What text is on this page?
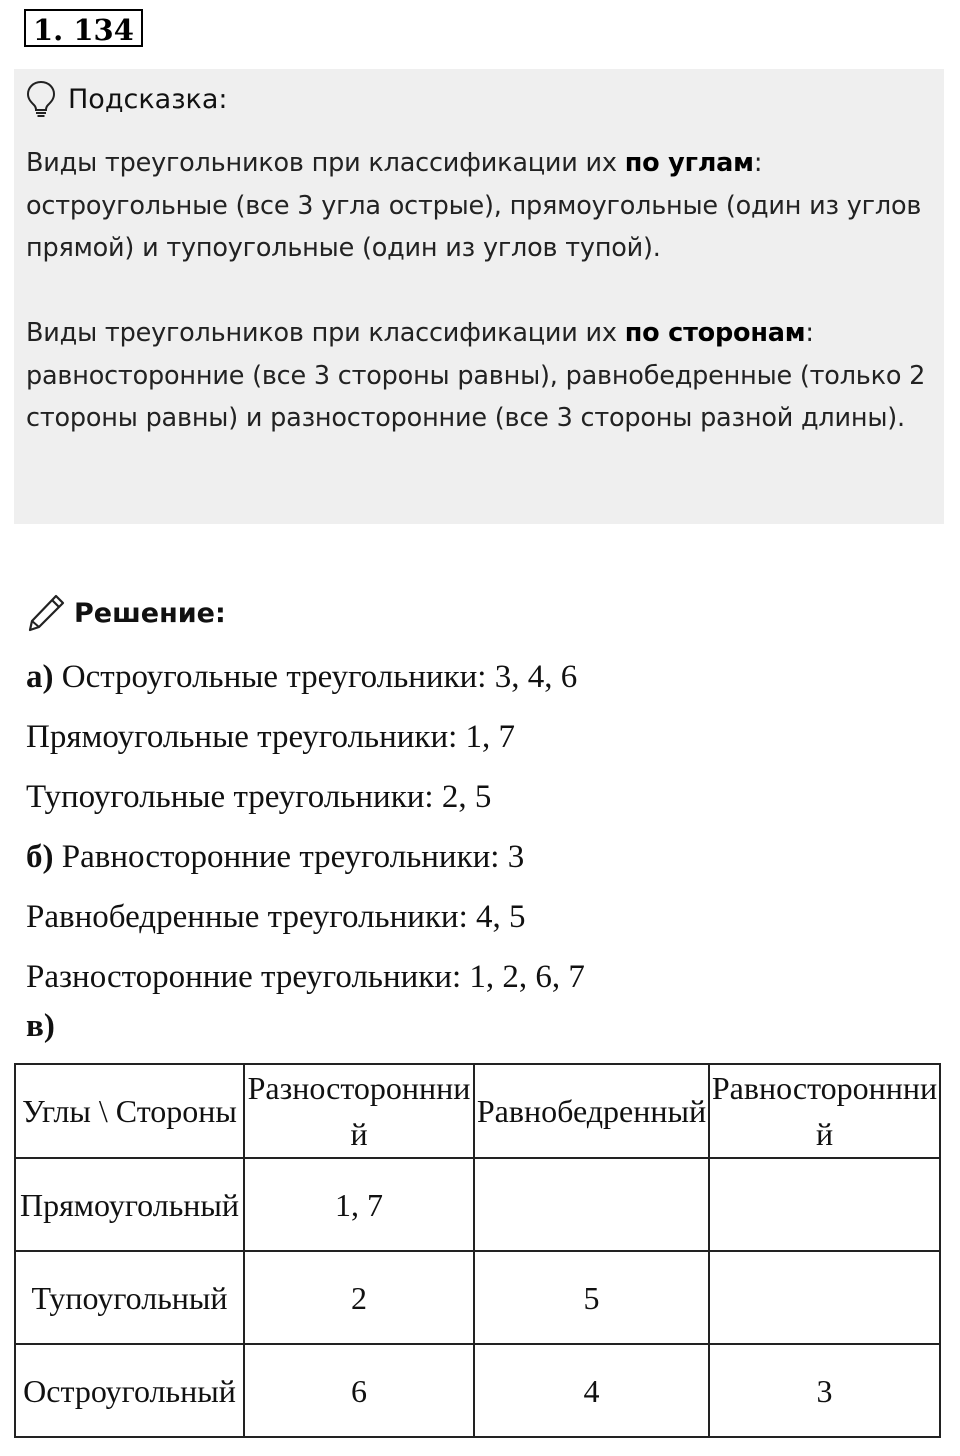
1. 134
Подсказка:

Виды треугольников при классификации их по углам: остроугольные (все 3 угла острые), прямоугольные (один из углов прямой) и тупоугольные (один из углов тупой).

Виды треугольников при классификации их по сторонам: равносторонние (все 3 стороны равны), равнобедренные (только 2 стороны равны) и разносторонние (все 3 стороны разной длины).

Решение:
а) Остроугольные треугольники: 3, 4, 6
Прямоугольные треугольники: 1, 7
Тупоугольные треугольники: 2, 5
б) Равносторонние треугольники: 3
Равнобедренные треугольники: 4, 5
Разносторонние треугольники: 1, 2, 6, 7
в)
Углы \ Стороны	Разностороннний	Равнобедренный	Равностороннний
Прямоугольный	1, 7		
Тупоугольный	2	5	
Остроугольный	6	4	3
